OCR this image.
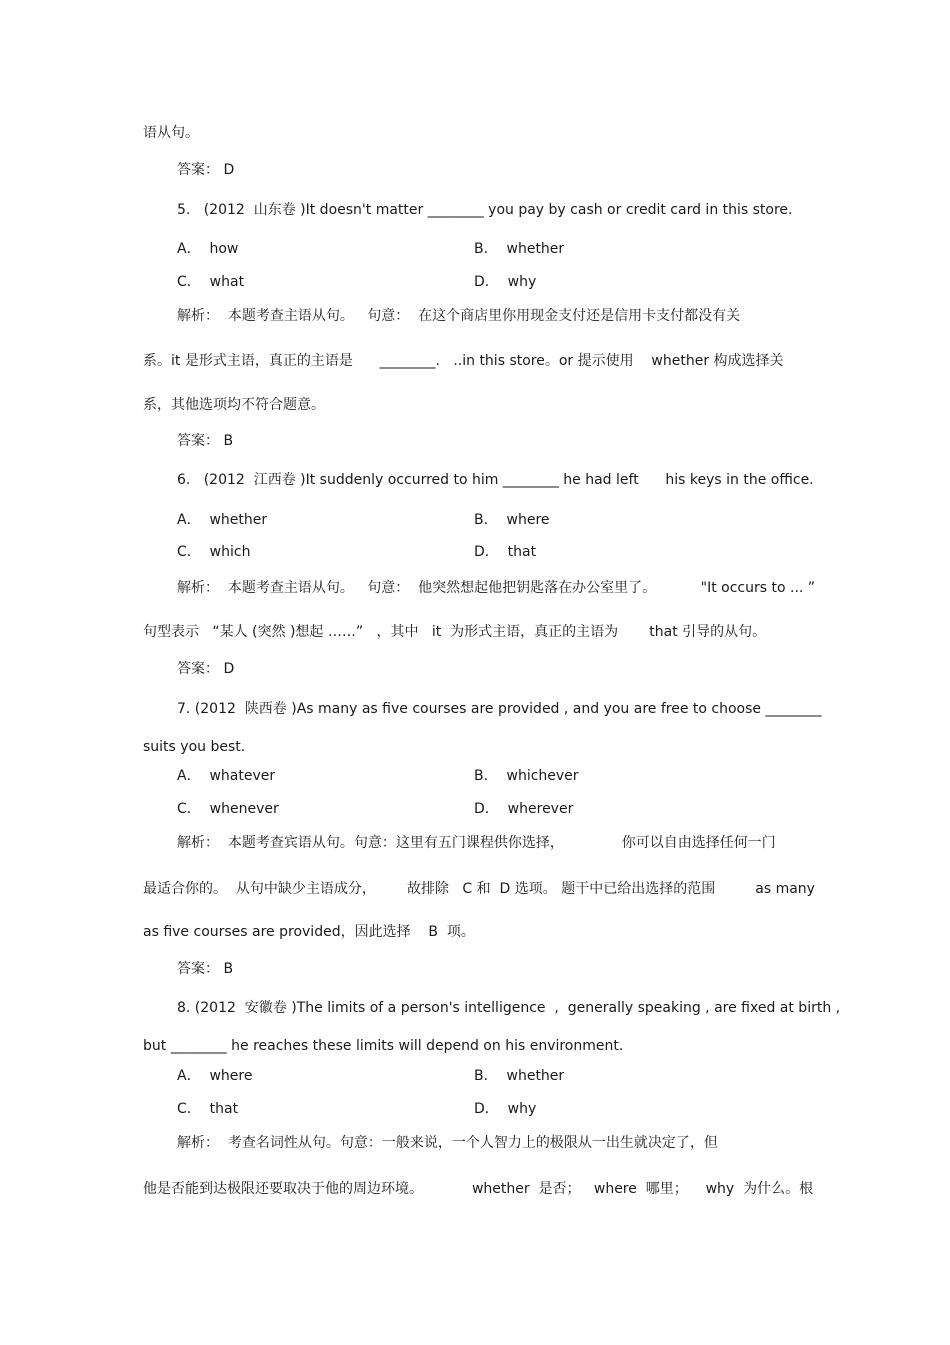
语从句。
答案： D
5.   (2012  山东卷 )It doesn't matter ________ you pay by cash or credit card in this store.
A．  how	B．  whether
C．  what	D．  why
解析：  本题考查主语从句。   句意：  在这个商店里你用现金支付还是信用卡支付都没有关
系。it 是形式主语，真正的主语是      ________.   ..in this store。or 提示使用    whether 构成选择关
系，其他选项均不符合题意。
答案： B
6.   (2012  江西卷 )It suddenly occurred to him ________ he had left      his keys in the office.
A．  whether	B．  where
C．  which	D．  that
解析：  本题考查主语从句。   句意：  他突然想起他把钥匙落在办公室里了。          "It occurs to ... ”
句型表示   “某人 (突然 )想起 ……”   ，其中   it  为形式主语，真正的主语为       that 引导的从句。
答案： D
7. (2012  陕西卷 )As many as five courses are provided , and you are free to choose ________
suits you best.
A．  whatever	B．  whichever
C．  whenever	D．  wherever
解析：  本题考查宾语从句。句意：这里有五门课程供你选择，             你可以自由选择任何一门
最适合你的。  从句中缺少主语成分，       故排除   C 和  D 选项。 题干中已给出选择的范围         as many
as five courses are provided，因此选择    B  项。
答案： B
8. (2012  安徽卷 )The limits of a person's intelligence  ,  generally speaking , are fixed at birth ,
but ________ he reaches these limits will depend on his environment.
A．  where	B．  whether
C．  that	D．  why
解析：  考查名词性从句。句意：一般来说，一个人智力上的极限从一出生就决定了，但
他是否能到达极限还要取决于他的周边环境。           whether  是否；   where  哪里；    why  为什么。根
